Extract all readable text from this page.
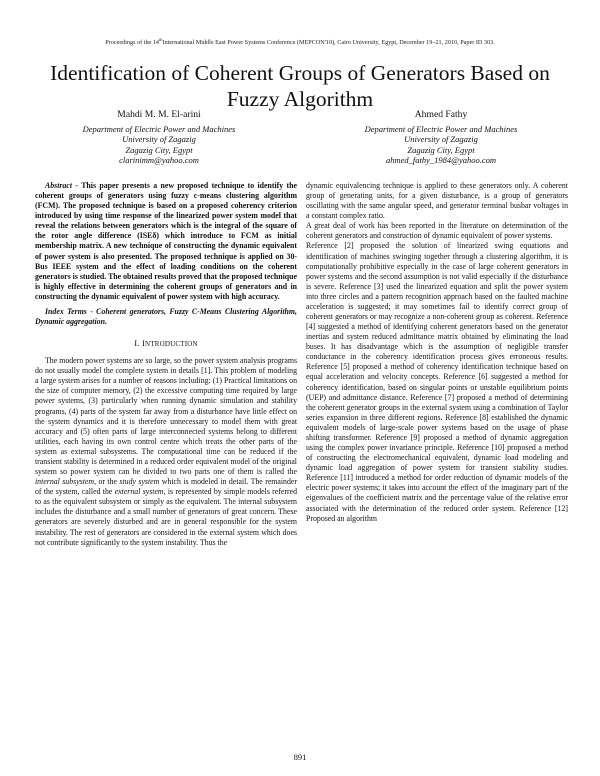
Proceedings of the 14thInternational Middle East Power Systems Conference (MEPCON'10), Cairo University, Egypt, December 19–21, 2010, Paper ID 303.
Identification of Coherent Groups of Generators Based on Fuzzy Algorithm
Mahdi M. M. El-arini
Department of Electric Power and Machines
University of Zagazig
Zagazig City, Egypt
clarinimm@yahoo.com
Ahmed Fathy
Department of Electric Power and Machines
University of Zagazig
Zagazig City, Egypt
ahmed_fathy_1984@yahoo.com

Abstract - This paper presents a new proposed technique to identify the coherent groups of generators using fuzzy c-means clustering algorithm (FCM). The proposed technique is based on a proposed coherency criterion introduced by using time response of the linearized power system model that reveal the relations between generators which is the integral of the square of the rotor angle difference (ISEδ) which introduce to FCM as initial membership matrix. A new technique of constructing the dynamic equivalent of power system is also presented. The proposed technique is applied on 30-Bus IEEE system and the effect of loading conditions on the coherent generators is studied. The obtained results proved that the proposed technique is highly effective in determining the coherent groups of generators and in constructing the dynamic equivalent of power system with high accuracy.

Index Terms - Coherent generators, Fuzzy C-Means Clustering Algorithm, Dynamic aggregation.

I. INTRODUCTION

The modern power systems are so large, so the power system analysis programs do not usually model the complete system in details [1]. This problem of modeling a large system arises for a number of reasons including: (1) Practical limitations on the size of computer memory, (2) the excessive computing time required by large power systems, (3) particularly when running dynamic simulation and stability programs, (4) parts of the system far away from a disturbance have little effect on the system dynamics and it is therefore unnecessary to model them with great accuracy and (5) often parts of large interconnected systems belong to different utilities, each having its own control centre which treats the other parts of the system as external subsystems. The computational time can be reduced if the transient stability is determined in a reduced order equivalent model of the original system so power system can be divided to two parts one of them is called the internal subsystem, or the study system which is modeled in detail. The remainder of the system, called the external system, is represented by simple models referred to as the equivalent subsystem or simply as the equivalent. The internal subsystem includes the disturbance and a small number of generators of great concern. These generators are severely disturbed and are in general responsible for the system instability. The rest of generators are considered in the external system which does not contribute significantly to the system instability. Thus the

dynamic equivalencing technique is applied to these generators only. A coherent group of generating units, for a given disturbance, is a group of generators oscillating with the same angular speed, and generator terminal busbar voltages in a constant complex ratio.

A great deal of work has been reported in the literature on determination of the coherent generators and construction of dynamic equivalent of power systems.

Reference [2] proposed the solution of linearized swing equations and identification of machines swinging together through a clustering algorithm, it is computationally prohibitive especially in the case of large coherent generators in power systems and the second assumption is not valid especially if the disturbance is severe. Reference [3] used the linearized equation and split the power system into three circles and a pattern recognition approach based on the faulted machine acceleration is suggested; it may sometimes fail to identify correct group of coherent generators or may recognize a non-coherent group as coherent. Reference [4] suggested a method of identifying coherent generators based on the generator inertias and system reduced admittance matrix obtained by eliminating the load buses. It has disadvantage which is the assumption of negligible transfer conductance in the coherency identification process gives erroneous results. Reference [5] proposed a method of coherency identification technique based on equal acceleration and velocity concepts. Reference [6] suggested a method for coherency identification, based on singular points or unstable equilibrium points (UEP) and admittance distance. Reference [7] proposed a method of determining the coherent generator groups in the external system using a combination of Taylor series expansion in three different regions. Reference [8] established the dynamic equivalent models of large-scale power systems based on the usage of phase shifting transformer. Reference [9] proposed a method of dynamic aggregation using the complex power invariance principle. Reference [10] proposed a method of constructing the electromechanical equivalent, dynamic load modeling and dynamic load aggregation of power system for transient stability studies. Reference [11] introduced a method for order reduction of dynamic models of the electric power systems; it takes into account the effect of the imaginary part of the eigenvalues of the coefficient matrix and the percentage value of the relative error associated with the determination of the reduced order system. Reference [12] Proposed an algorithm

891
